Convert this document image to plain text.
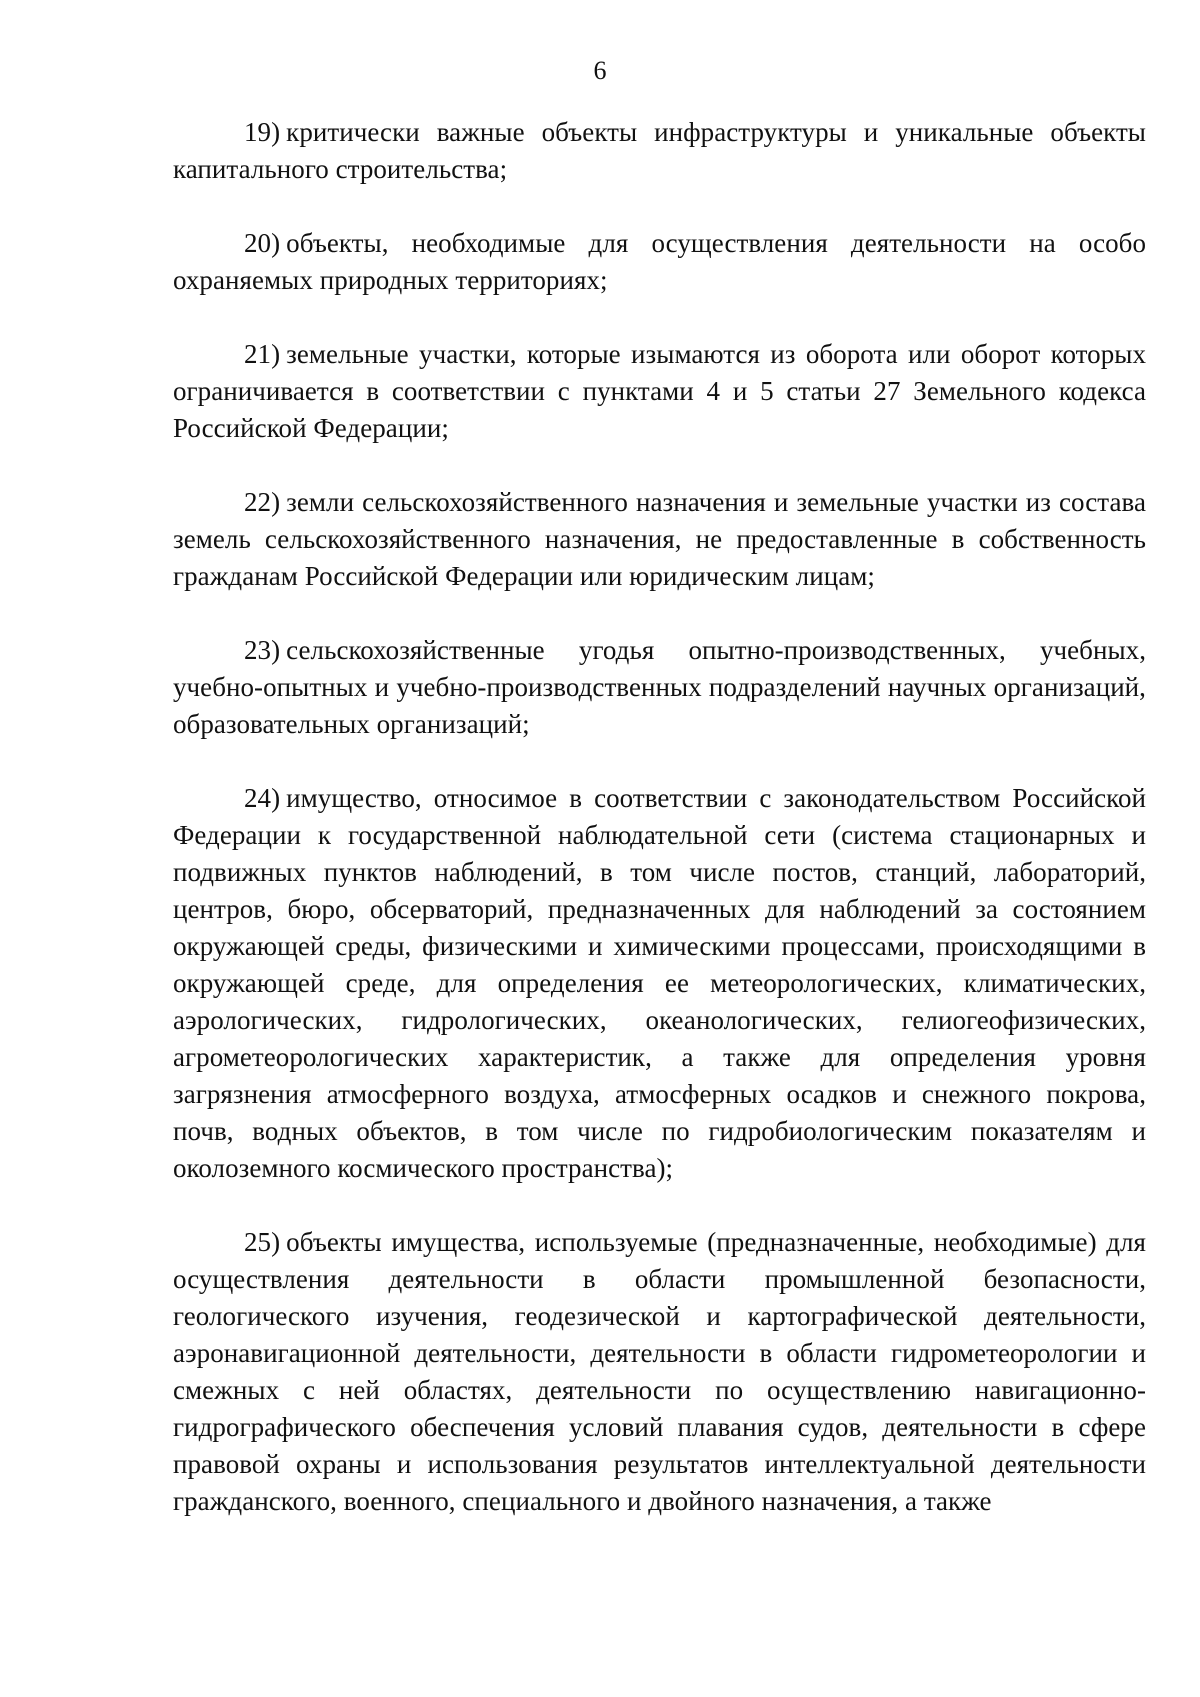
6

19) критически важные объекты инфраструктуры и уникальные объекты капитального строительства;

20) объекты, необходимые для осуществления деятельности на особо охраняемых природных территориях;

21) земельные участки, которые изымаются из оборота или оборот которых ограничивается в соответствии с пунктами 4 и 5 статьи 27 Земельного кодекса Российской Федерации;

22) земли сельскохозяйственного назначения и земельные участки из состава земель сельскохозяйственного назначения, не предоставленные в собственность гражданам Российской Федерации или юридическим лицам;

23) сельскохозяйственные угодья опытно-производственных, учебных, учебно-опытных и учебно-производственных подразделений научных организаций, образовательных организаций;

24) имущество, относимое в соответствии с законодательством Российской Федерации к государственной наблюдательной сети (система стационарных и подвижных пунктов наблюдений, в том числе постов, станций, лабораторий, центров, бюро, обсерваторий, предназначенных для наблюдений за состоянием окружающей среды, физическими и химическими процессами, происходящими в окружающей среде, для определения ее метеорологических, климатических, аэрологических, гидрологических, океанологических, гелиогеофизических, агрометеорологических характеристик, а также для определения уровня загрязнения атмосферного воздуха, атмосферных осадков и снежного покрова, почв, водных объектов, в том числе по гидробиологическим показателям и околоземного космического пространства);

25) объекты имущества, используемые (предназначенные, необходимые) для осуществления деятельности в области промышленной безопасности, геологического изучения, геодезической и картографической деятельности, аэронавигационной деятельности, деятельности в области гидрометеорологии и смежных с ней областях, деятельности по осуществлению навигационно-гидрографического обеспечения условий плавания судов, деятельности в сфере правовой охраны и использования результатов интеллектуальной деятельности гражданского, военного, специального и двойного назначения, а также
